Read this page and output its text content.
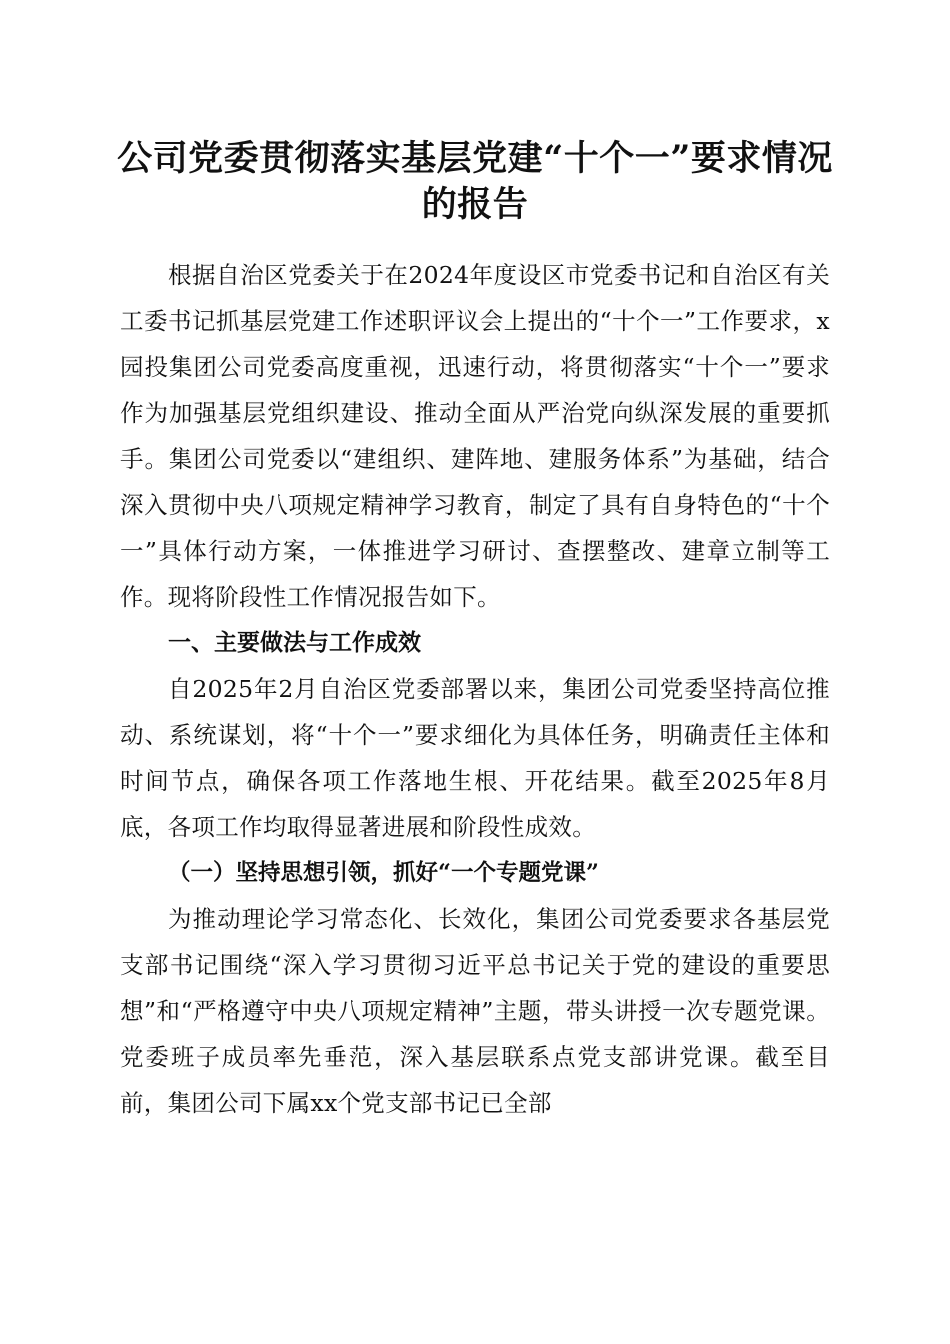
公司党委贯彻落实基层党建“十个一”要求情况的报告

根据自治区党委关于在2024年度设区市党委书记和自治区有关工委书记抓基层党建工作述职评议会上提出的“十个一”工作要求，x园投集团公司党委高度重视，迅速行动，将贯彻落实“十个一”要求作为加强基层党组织建设、推动全面从严治党向纵深发展的重要抓手。集团公司党委以“建组织、建阵地、建服务体系”为基础，结合深入贯彻中央八项规定精神学习教育，制定了具有自身特色的“十个一”具体行动方案，一体推进学习研讨、查摆整改、建章立制等工作。现将阶段性工作情况报告如下。

一、主要做法与工作成效

自2025年2月自治区党委部署以来，集团公司党委坚持高位推动、系统谋划，将“十个一”要求细化为具体任务，明确责任主体和时间节点，确保各项工作落地生根、开花结果。截至2025年8月底，各项工作均取得显著进展和阶段性成效。

（一）坚持思想引领，抓好“一个专题党课”

为推动理论学习常态化、长效化，集团公司党委要求各基层党支部书记围绕“深入学习贯彻习近平总书记关于党的建设的重要思想”和“严格遵守中央八项规定精神”主题，带头讲授一次专题党课。党委班子成员率先垂范，深入基层联系点党支部讲党课。截至目前，集团公司下属xx个党支部书记已全部
